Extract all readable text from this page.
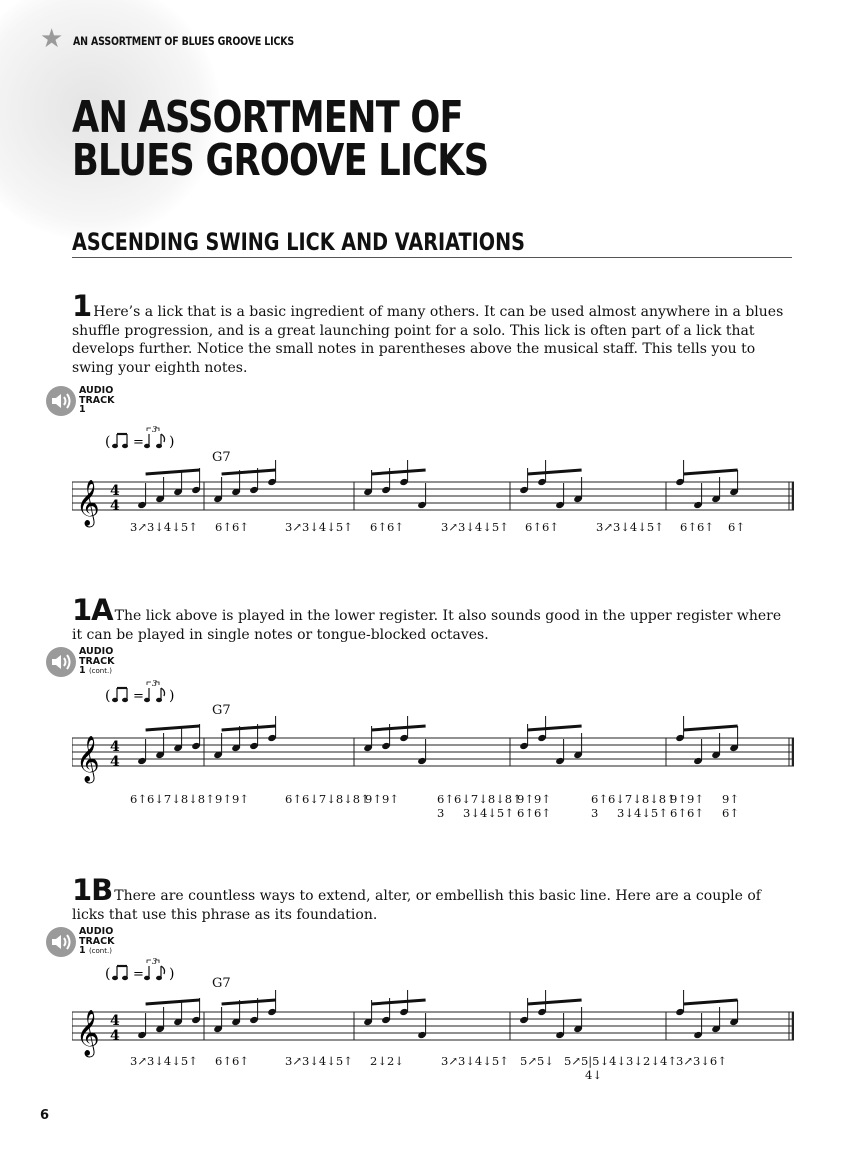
★ AN ASSORTMENT OF BLUES GROOVE LICKS
AN ASSORTMENT OF
BLUES GROOVE LICKS
ASCENDING SWING LICK AND VARIATIONS

1 Here’s a lick that is a basic ingredient of many others. It can be used almost anywhere in a blues shuffle progression, and is a great launching point for a solo. This lick is often part of a lick that develops further. Notice the small notes in parentheses above the musical staff. This tells you to swing your eighth notes.

AUDIO
TRACK
1
( =
3
)
G7
𝄞 4
4
3↗3↓4↓5↑ 6↑6↑	3↗3↓4↓5↑ 6↑6↑	3↗3↓4↓5↑ 6↑6↑	3↗3↓4↓5↑ 6↑6↑ 6↑

1A The lick above is played in the lower register. It also sounds good in the upper register where it can be played in single notes or tongue-blocked octaves.

AUDIO
TRACK
1 (cont.)
( =
3
)
G7
𝄞 4
4
6↑6↓7↓8↓8↑ 9↑9↑	6↑6↓7↓8↓8↑
9↑9↑	6↑6↓7↓8↓8↑
9↑9↑	6↑6↓7↓8↓8↑
9↑9↑ 9↑
3 3↓4↓5↑ 6↑6↑	3 3↓4↓5↑ 6↑6↑ 6↑

1B There are countless ways to extend, alter, or embellish this basic line. Here are a couple of licks that use this phrase as its foundation.

AUDIO
TRACK
1 (cont.)
( =
3
)
G7
𝄞 4
4
3↗3↓4↓5↑ 6↑6↑	3↗3↓4↓5↑ 2↓2↓	3↗3↓4↓5↑ 5↗5↓ 5↗5|5↓4↓3↓2↓4↑ 3↗3↓6↑
4↓
6
